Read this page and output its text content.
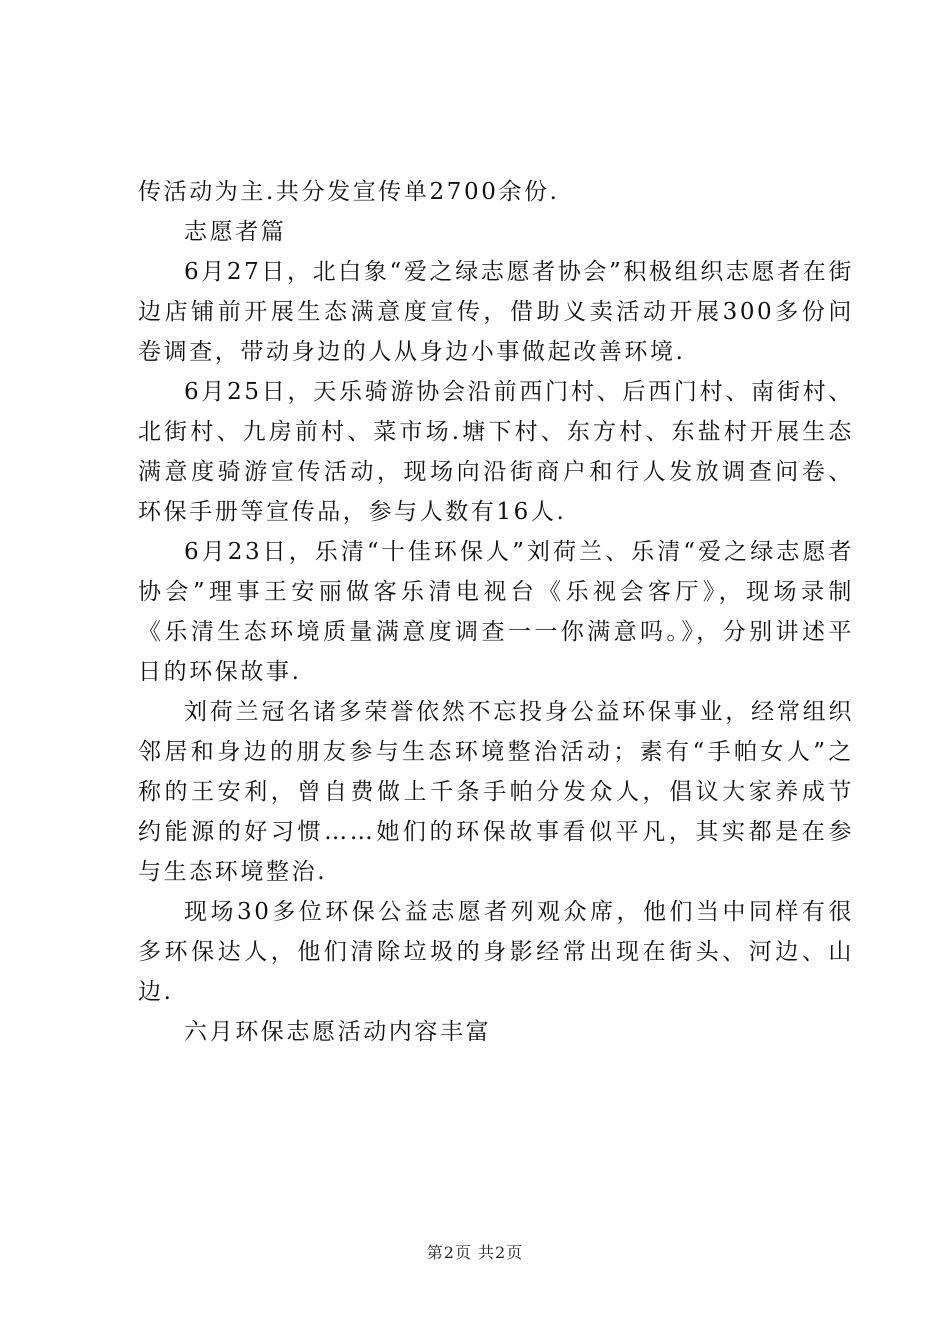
传活动为主.共分发宣传单2700余份.

志愿者篇

6月27日，北白象“爱之绿志愿者协会”积极组织志愿者在街边店铺前开展生态满意度宣传，借助义卖活动开展300多份问卷调查，带动身边的人从身边小事做起改善环境.

6月25日，天乐骑游协会沿前西门村、后西门村、南街村、北街村、九房前村、菜市场.塘下村、东方村、东盐村开展生态满意度骑游宣传活动，现场向沿街商户和行人发放调查问卷、环保手册等宣传品，参与人数有16人.

6月23日，乐清“十佳环保人”刘荷兰、乐清“爱之绿志愿者协会”理事王安丽做客乐清电视台《乐视会客厅》，现场录制《乐清生态环境质量满意度调查一一你满意吗。》，分别讲述平日的环保故事.

刘荷兰冠名诸多荣誉依然不忘投身公益环保事业，经常组织邻居和身边的朋友参与生态环境整治活动；素有“手帕女人”之称的王安利，曾自费做上千条手帕分发众人，倡议大家养成节约能源的好习惯……她们的环保故事看似平凡，其实都是在参与生态环境整治.

现场30多位环保公益志愿者列观众席，他们当中同样有很多环保达人，他们清除垃圾的身影经常出现在街头、河边、山边.

六月环保志愿活动内容丰富

第2页 共2页
